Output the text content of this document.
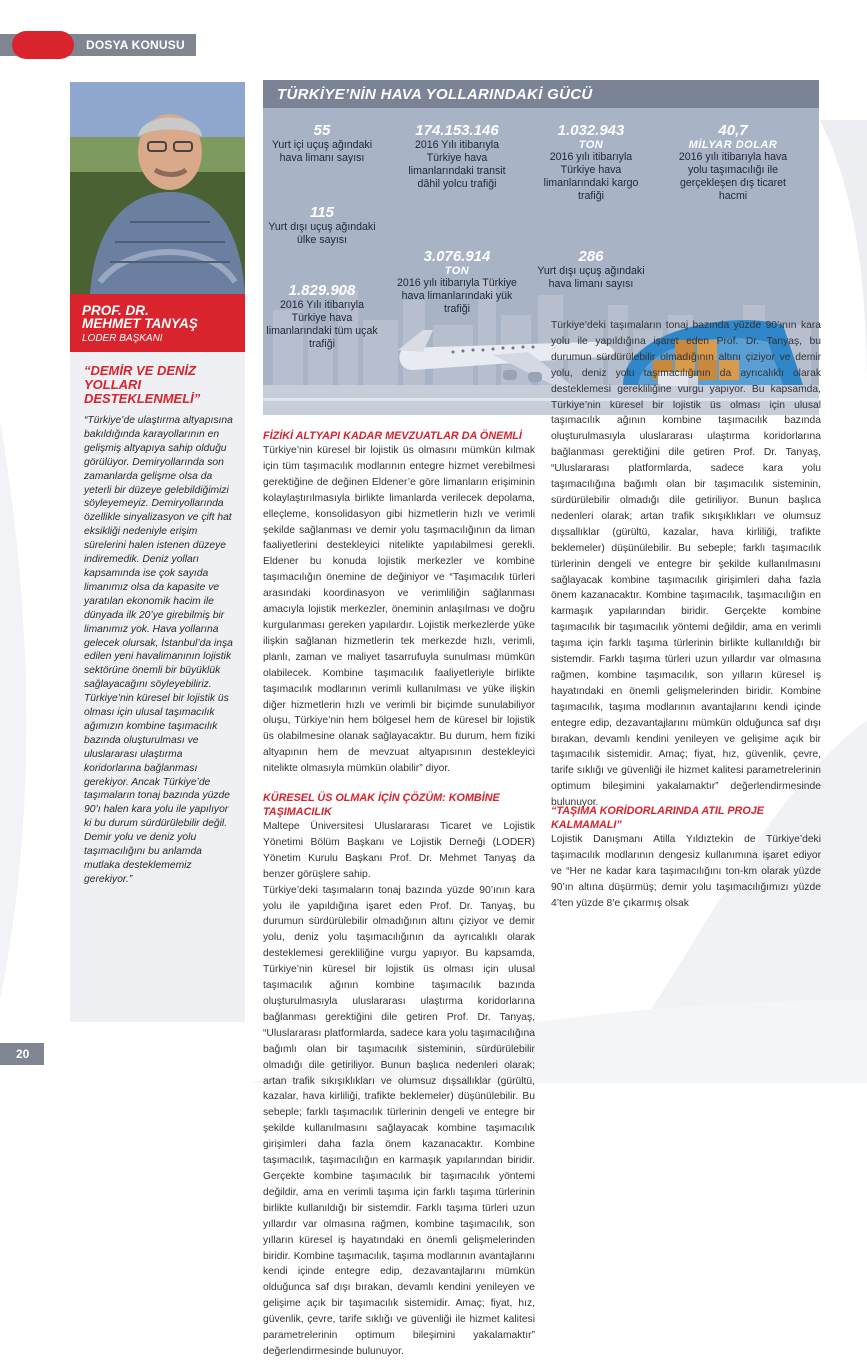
DOSYA KONUSU
PROF. DR.
MEHMET TANYAŞ
LODER BAŞKANI
“DEMİR VE DENİZ YOLLARI DESTEKLENMELİ”
“Türkiye’de ulaştırma altyapısına bakıldığında karayollarının en gelişmiş altyapıya sahip olduğu görülüyor. Demiryollarında son zamanlarda gelişme olsa da yeterli bir düzeye gelebildiğimizi söyleyemeyiz. Demiryollarında özellikle sinyalizasyon ve çift hat eksikliği nedeniyle erişim sürelerini halen istenen düzeye indiremedik. Deniz yolları kapsamında ise çok sayıda limanımız olsa da kapasite ve yaratılan ekonomik hacim ile dünyada ilk 20’ye girebilmiş bir limanımız yok. Hava yollarına gelecek olursak, İstanbul’da inşa edilen yeni havalimanının lojistik sektörüne önemli bir büyüklük sağlayacağını söyleyebiliriz. Türkiye’nin küresel bir lojistik üs olması için ulusal taşımacılık ağımızın kombine taşımacılık bazında oluşturulması ve uluslararası ulaştırma koridorlarına bağlanması gerekiyor. Ancak Türkiye’de taşımaların tonaj bazında yüzde 90’ı halen kara yolu ile yapılıyor ki bu durum sürdürülebilir değil. Demir yolu ve deniz yolu taşımacılığını bu anlamda mutlaka desteklememiz gerekiyor.”
TÜRKİYE’NİN HAVA YOLLARINDAKİ GÜCÜ
55
Yurt içi uçuş ağındaki hava limanı sayısı
115
Yurt dışı uçuş ağındaki ülke sayısı
1.829.908
2016 Yılı itibarıyla Türkiye hava limanlarındaki tüm uçak trafiği
174.153.146
2016 Yılı itibarıyla Türkiye hava limanlarındaki transit dâhil yolcu trafiği
3.076.914
TON
2016 yılı itibarıyla Türkiye hava limanlarındaki yük trafiği
1.032.943
TON
2016 yılı itibarıyla Türkiye hava limanlarındaki kargo trafiği
286
Yurt dışı uçuş ağındaki hava limanı sayısı
40,7
MİLYAR DOLAR
2016 yılı itibarıyla hava yolu taşımacılığı ile gerçekleşen dış ticaret hacmi
FİZİKİ ALTYAPI KADAR MEVZUATLAR DA ÖNEMLİ

Türkiye’nin küresel bir lojistik üs olmasını mümkün kılmak için tüm taşımacılık modlarının entegre hizmet verebilmesi gerektiğine de değinen Eldener’e göre limanların erişiminin kolaylaştırılmasıyla birlikte limanlarda verilecek depolama, elleçleme, konsolidasyon gibi hizmetlerin hızlı ve verimli şekilde sağlanması ve demir yolu taşımacılığının da liman faaliyetlerini destekleyici nitelikte yapılabilmesi gerekli. Eldener bu konuda lojistik merkezler ve kombine taşımacılığın önemine de değiniyor ve “Taşımacılık türleri arasındaki koordinasyon ve verimliliğin sağlanması amacıyla lojistik merkezler, öneminin anlaşılması ve doğru kurgulanması gereken yapılardır. Lojistik merkezlerde yüke ilişkin sağlanan hizmetlerin tek merkezde hızlı, verimli, planlı, zaman ve maliyet tasarrufuyla sunulması mümkün olabilecek. Kombine taşımacılık faaliyetleriyle birlikte taşımacılık modlarının verimli kullanılması ve yüke ilişkin diğer hizmetlerin hızlı ve verimli bir biçimde sunulabiliyor oluşu, Türkiye’nin hem bölgesel hem de küresel bir lojistik üs olabilmesine olanak sağlayacaktır. Bu durum, hem fiziki altyapının hem de mevzuat altyapısının destekleyici nitelikte olmasıyla mümkün olabilir” diyor.

KÜRESEL ÜS OLMAK İÇİN ÇÖZÜM: KOMBİNE TAŞIMACILIK

Maltepe Üniversitesi Uluslararası Ticaret ve Lojistik Yönetimi Bölüm Başkanı ve Lojistik Derneği (LODER) Yönetim Kurulu Başkanı Prof. Dr. Mehmet Tanyaş da benzer görüşlere sahip.

Türkiye’deki taşımaların tonaj bazında yüzde 90’ının kara yolu ile yapıldığına işaret eden Prof. Dr. Tanyaş, bu durumun sürdürülebilir olmadığının altını çiziyor ve demir yolu, deniz yolu taşımacılığının da ayrıcalıklı olarak desteklemesi gerekliliğine vurgu yapıyor. Bu kapsamda, Türkiye’nin küresel bir lojistik üs olması için ulusal taşımacılık ağının kombine taşımacılık bazında oluşturulmasıyla uluslararası ulaştırma koridorlarına bağlanması gerektiğini dile getiren Prof. Dr. Tanyaş, “Uluslararası platformlarda, sadece kara yolu taşımacılığına bağımlı olan bir taşımacılık sisteminin, sürdürülebilir olmadığı dile getiriliyor. Bunun başlıca nedenleri olarak; artan trafik sıkışıklıkları ve olumsuz dışsallıklar (gürültü, kazalar, hava kirliliği, trafikte beklemeler) düşünülebilir. Bu sebeple; farklı taşımacılık türlerinin dengeli ve entegre bir şekilde kullanılmasını sağlayacak kombine taşımacılık girişimleri daha fazla önem kazanacaktır. Kombine taşımacılık, taşımacılığın en karmaşık yapılarından biridir. Gerçekte kombine taşımacılık bir taşımacılık yöntemi değildir, ama en verimli taşıma için farklı taşıma türlerinin birlikte kullanıldığı bir sistemdir. Farklı taşıma türleri uzun yıllardır var olmasına rağmen, kombine taşımacılık, son yılların küresel iş hayatındaki en önemli gelişmelerinden biridir. Kombine taşımacılık, taşıma modlarının avantajlarını kendi içinde entegre edip, dezavantajlarını mümkün olduğunca saf dışı bırakan, devamlı kendini yenileyen ve gelişime açık bir taşımacılık sistemidir. Amaç; fiyat, hız, güvenlik, çevre, tarife sıklığı ve güvenliği ile hizmet kalitesi parametrelerinin optimum bileşimini yakalamaktır” değerlendirmesinde bulunuyor.

Türkiye’deki taşımaların tonaj bazında yüzde 90’ının kara yolu ile yapıldığına işaret eden Prof. Dr. Tanyaş, bu durumun sürdürülebilir olmadığının altını çiziyor ve demir yolu, deniz yolu taşımacılığının da ayrıcalıklı olarak desteklemesi gerekliliğine vurgu yapıyor. Bu kapsamda, Türkiye’nin küresel bir lojistik üs olması için ulusal taşımacılık ağının kombine taşımacılık bazında oluşturulmasıyla uluslararası ulaştırma koridorlarına bağlanması gerektiğini dile getiren Prof. Dr. Tanyaş, “Uluslararası platformlarda, sadece kara yolu taşımacılığına bağımlı olan bir taşımacılık sisteminin, sürdürülebilir olmadığı dile getiriliyor. Bunun başlıca nedenleri olarak; artan trafik sıkışıklıkları ve olumsuz dışsallıklar (gürültü, kazalar, hava kirliliği, trafikte beklemeler) düşünülebilir. Bu sebeple; farklı taşımacılık türlerinin dengeli ve entegre bir şekilde kullanılmasını sağlayacak kombine taşımacılık girişimleri daha fazla önem kazanacaktır. Kombine taşımacılık, taşımacılığın en karmaşık yapılarından biridir. Gerçekte kombine taşımacılık bir taşımacılık yöntemi değildir, ama en verimli taşıma için farklı taşıma türlerinin birlikte kullanıldığı bir sistemdir. Farklı taşıma türleri uzun yıllardır var olmasına rağmen, kombine taşımacılık, son yılların küresel iş hayatındaki en önemli gelişmelerinden biridir. Kombine taşımacılık, taşıma modlarının avantajlarını kendi içinde entegre edip, dezavantajlarını mümkün olduğunca saf dışı bırakan, devamlı kendini yenileyen ve gelişime açık bir taşımacılık sistemidir. Amaç; fiyat, hız, güvenlik, çevre, tarife sıklığı ve güvenliği ile hizmet kalitesi parametrelerinin optimum bileşimini yakalamaktır” değerlendirmesinde bulunuyor.

“TAŞIMA KORİDORLARINDA ATIL PROJE KALMAMALI”

Lojistik Danışmanı Atilla Yıldıztekin de Türkiye’deki taşımacılık modlarının dengesiz kullanımına işaret ediyor ve “Her ne kadar kara taşımacılığını ton-km olarak yüzde 90’ın altına düşürmüş; demir yolu taşımacılığımızı yüzde 4’ten yüzde 8’e çıkarmış olsak

20
